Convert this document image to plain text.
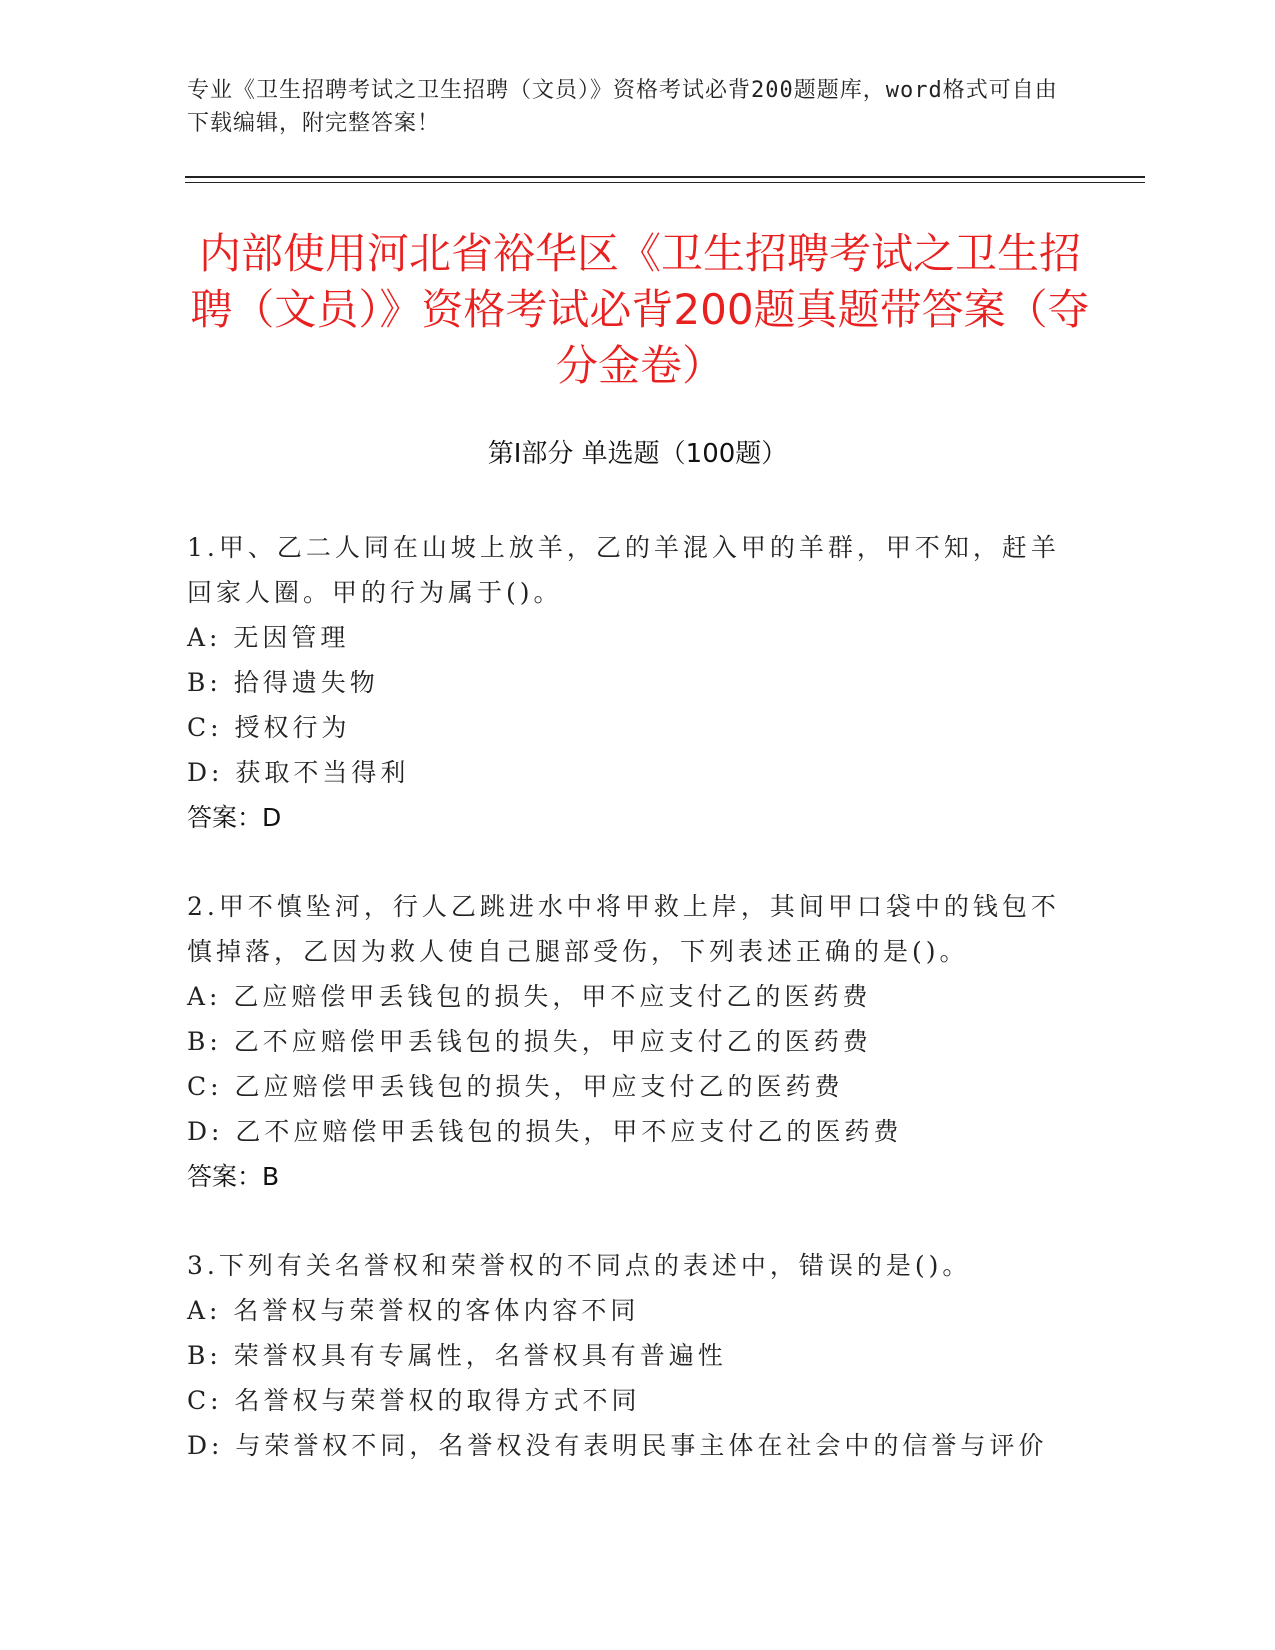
专业《卫生招聘考试之卫生招聘（文员）》资格考试必背200题题库，word格式可自由下载编辑，附完整答案！
内部使用河北省裕华区《卫生招聘考试之卫生招聘（文员）》资格考试必背200题真题带答案（夺分金卷）
第Ⅰ部分 单选题（100题）

1.甲、乙二人同在山坡上放羊，乙的羊混入甲的羊群，甲不知，赶羊回家人圈。甲的行为属于()。

A: 无因管理

B: 拾得遗失物

C: 授权行为

D: 获取不当得利

答案：D

2.甲不慎坠河，行人乙跳进水中将甲救上岸，其间甲口袋中的钱包不慎掉落，乙因为救人使自己腿部受伤，下列表述正确的是()。

A: 乙应赔偿甲丢钱包的损失，甲不应支付乙的医药费

B: 乙不应赔偿甲丢钱包的损失，甲应支付乙的医药费

C: 乙应赔偿甲丢钱包的损失，甲应支付乙的医药费

D: 乙不应赔偿甲丢钱包的损失，甲不应支付乙的医药费

答案：B

3.下列有关名誉权和荣誉权的不同点的表述中，错误的是()。

A: 名誉权与荣誉权的客体内容不同

B: 荣誉权具有专属性，名誉权具有普遍性

C: 名誉权与荣誉权的取得方式不同

D: 与荣誉权不同，名誉权没有表明民事主体在社会中的信誉与评价
